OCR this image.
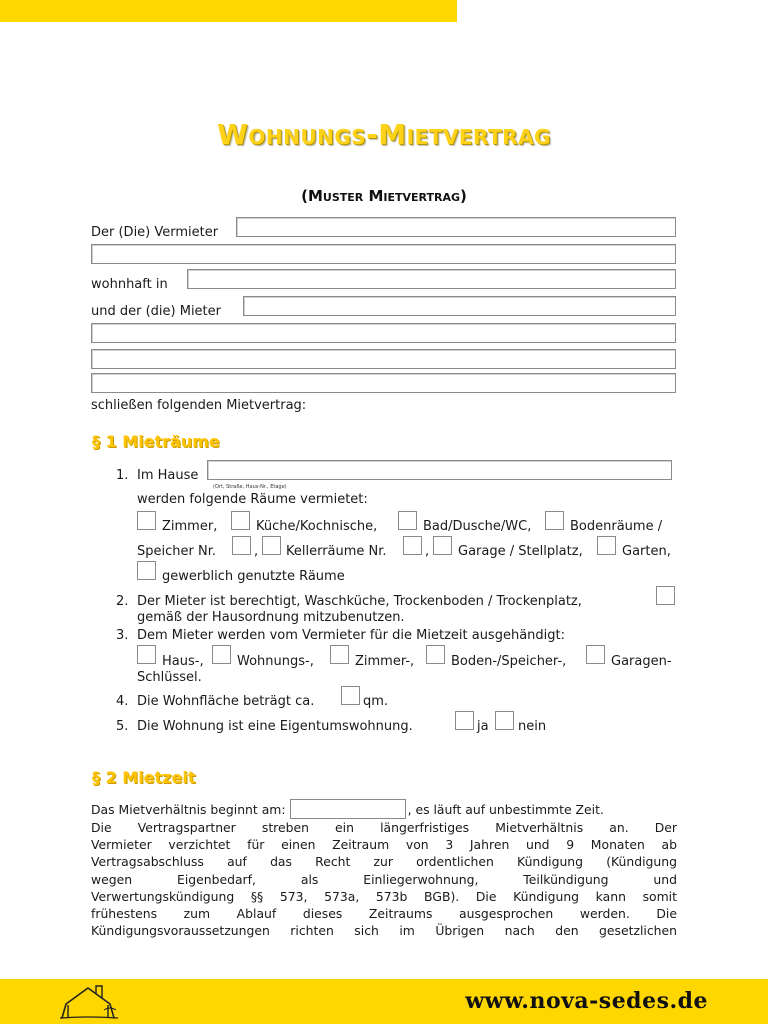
Wohnungs-Mietvertrag
(Muster Mietvertrag)
Der (Die) Vermieter
wohnhaft in
und der (die) Mieter
schließen folgenden Mietvertrag:
§ 1 Mieträume
1. Im Hause
(Ort, Straße, Haus-Nr., Etage)
werden folgende Räume vermietet:
Zimmer,	Küche/Kochnische,	Bad/Dusche/WC,	Bodenräume /
Speicher Nr.	, Kellerräume Nr.	, Garage / Stellplatz,	Garten,
gewerblich genutzte Räume
2. Der Mieter ist berechtigt, Waschküche, Trockenboden / Trockenplatz,
gemäß der Hausordnung mitzubenutzen.
3. Dem Mieter werden vom Vermieter für die Mietzeit ausgehändigt:
Haus-,	Wohnungs-,	Zimmer-,	Boden-/Speicher-,	Garagen-
Schlüssel.
4. Die Wohnfläche beträgt ca.	qm.
5. Die Wohnung ist eine Eigentumswohnung.	ja nein
§ 2 Mietzeit
Das Mietverhältnis beginnt am:	, es läuft auf unbestimmte Zeit.
Die Vertragspartner streben ein längerfristiges Mietverhältnis an. Der
Vermieter verzichtet für einen Zeitraum von 3 Jahren und 9 Monaten ab
Vertragsabschluss auf das Recht zur ordentlichen Kündigung (Kündigung
wegen Eigenbedarf, als Einliegerwohnung, Teilkündigung und
Verwertungskündigung §§ 573, 573a, 573b BGB). Die Kündigung kann somit
frühestens zum Ablauf dieses Zeitraums ausgesprochen werden. Die
Kündigungsvoraussetzungen richten sich im Übrigen nach den gesetzlichen
www.nova-sedes.de
